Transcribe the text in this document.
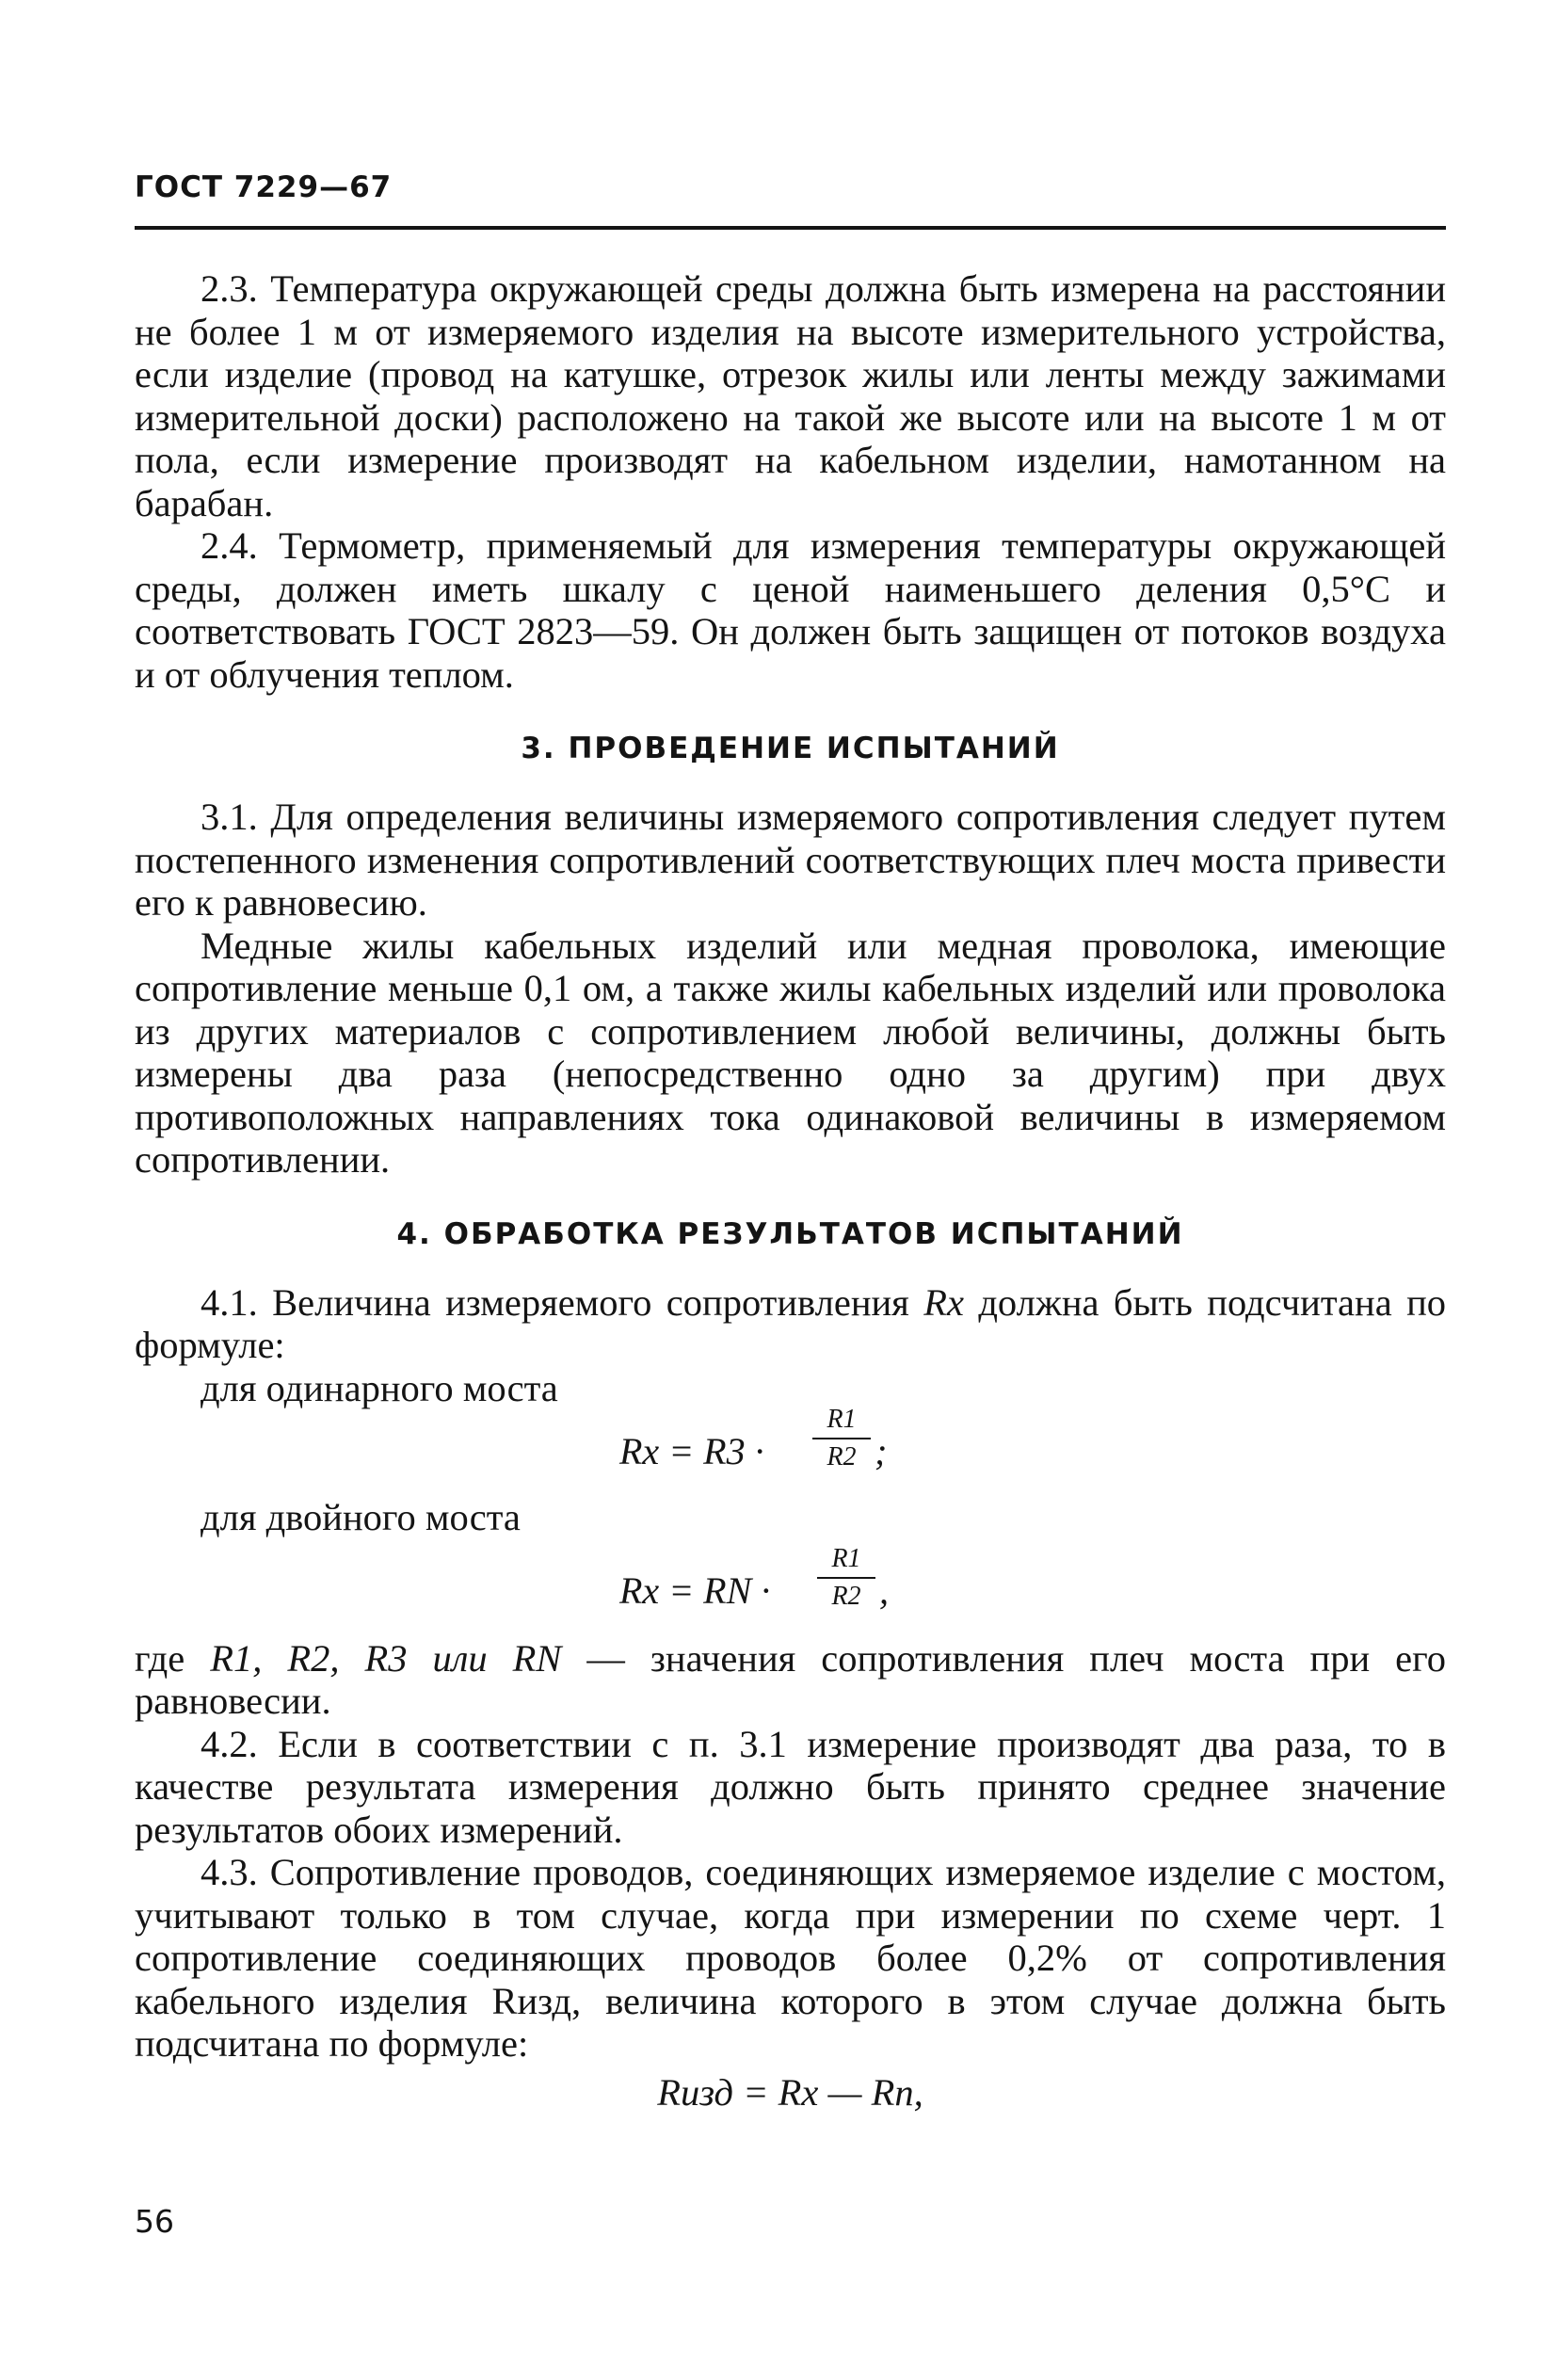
ГОСТ 7229—67

2.3. Температура окружающей среды должна быть измерена на расстоянии не более 1 м от измеряемого изделия на высоте измерительного устройства, если изделие (провод на катушке, отрезок жилы или ленты между зажимами измерительной доски) расположено на такой же высоте или на высоте 1 м от пола, если измерение производят на кабельном изделии, намотанном на барабан.

2.4. Термометр, применяемый для измерения температуры окружающей среды, должен иметь шкалу с ценой наименьшего деления 0,5°С и соответствовать ГОСТ 2823—59. Он должен быть защищен от потоков воздуха и от облучения теплом.

3. ПРОВЕДЕНИЕ ИСПЫТАНИЙ

3.1. Для определения величины измеряемого сопротивления следует путем постепенного изменения сопротивлений соответствующих плеч моста привести его к равновесию.

Медные жилы кабельных изделий или медная проволока, имеющие сопротивление меньше 0,1 ом, а также жилы кабельных изделий или проволока из других материалов с сопротивлением любой величины, должны быть измерены два раза (непосредственно одно за другим) при двух противоположных направлениях тока одинаковой величины в измеряемом сопротивлении.

4. ОБРАБОТКА РЕЗУЛЬТАТОВ ИСПЫТАНИЙ

4.1. Величина измеряемого сопротивления Rx должна быть подсчитана по формуле:

для одинарного моста

Rx = R3 ·
R1
R2 ;

для двойного моста

Rx = RN ·
R1
R2 ,

где R1, R2, R3 или RN — значения сопротивления плеч моста при его равновесии.

4.2. Если в соответствии с п. 3.1 измерение производят два раза, то в качестве результата измерения должно быть принято среднее значение результатов обоих измерений.

4.3. Сопротивление проводов, соединяющих измеряемое изделие с мостом, учитывают только в том случае, когда при измерении по схеме черт. 1 сопротивление соединяющих проводов более 0,2% от сопротивления кабельного изделия Rизд, величина которого в этом случае должна быть подсчитана по формуле:

Rизд = Rx — Rп,

56
